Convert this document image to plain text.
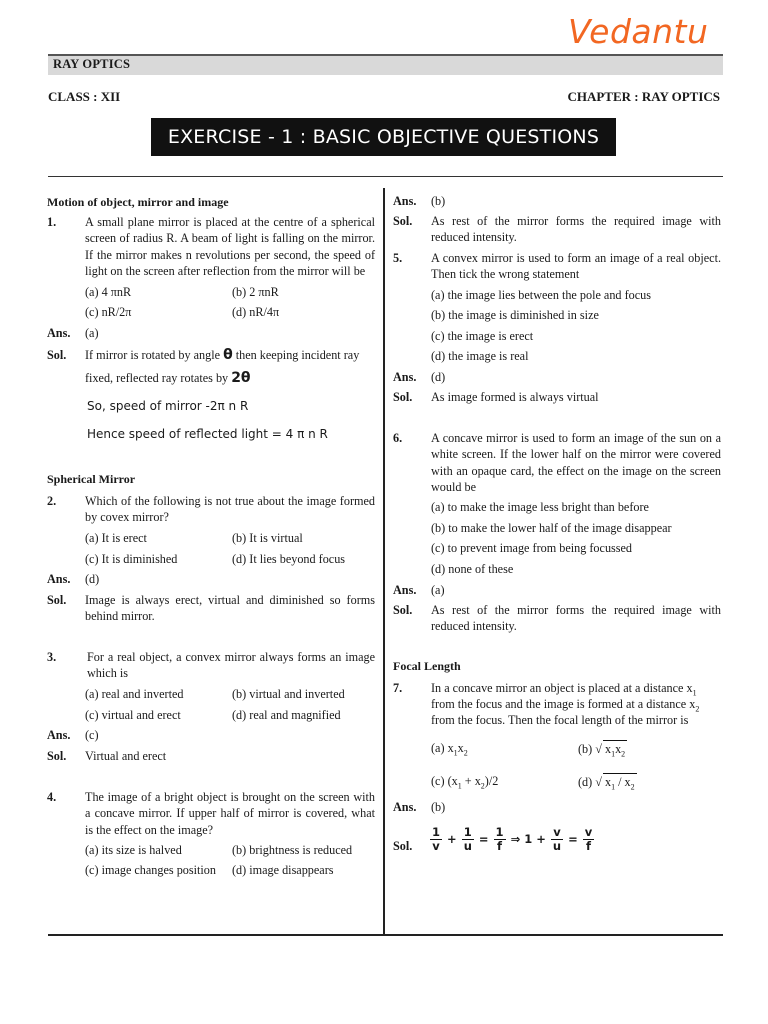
Vedantu
RAY OPTICS
CLASS : XII	CHAPTER : RAY OPTICS
EXERCISE - 1 : BASIC OBJECTIVE QUESTIONS
Motion of object, mirror and image
1. A small plane mirror is placed at the centre of a spherical screen of radius R. A beam of light is falling on the mirror. If the mirror makes n revolutions per second, the speed of light on the screen after reflection from the mirror will be
(a) 4 πnR	(b) 2 πnR
(c) nR/2π	(d) nR/4π
Ans. (a)
Sol. If mirror is rotated by angle θ then keeping incident ray
fixed, reflected ray rotates by 2θ
So, speed of mirror -2π n R
Hence speed of reflected light = 4 π n R
Spherical Mirror
2. Which of the following is not true about the image formed by covex mirror?
(a) It is erect	(b) It is virtual
(c) It is diminished	(d) It lies beyond focus
Ans. (d)
Sol. Image is always erect, virtual and diminished so forms behind mirror.
3.	For a real object, a convex mirror always forms an image which is
(a) real and inverted	(b) virtual and inverted
(c) virtual and erect	(d) real and magnified
Ans. (c)
Sol. Virtual and erect
4. The image of a bright object is brought on the screen with a concave mirror. If upper half of mirror is covered, what is the effect on the image?
(a) its size is halved	(b) brightness is reduced
(c) image changes position (d) image disappears
Ans. (b)
Sol. As rest of the mirror forms the required image with reduced intensity.
5. A convex mirror is used to form an image of a real object. Then tick the wrong statement
(a) the image lies between the pole and focus
(b) the image is diminished in size
(c) the image is erect
(d) the image is real
Ans. (d)
Sol. As image formed is always virtual
6. A concave mirror is used to form an image of the sun on a white screen. If the lower half on the mirror were covered with an opaque card, the effect on the image on the screen would be
(a) to make the image less bright than before
(b) to make the lower half of the image disappear
(c) to prevent image from being focussed
(d) none of these
Ans. (a)
Sol. As rest of the mirror forms the required image with reduced intensity.
Focal Length
7. In a concave mirror an object is placed at a distance $x_1$
from the focus and the image is formed at a distance $x_2$
from the focus. Then the focal length of the mirror is
(a) $x_1x_2$	(b) √ $x_1x_2$
(c) $(x_1 + x_2)/2$	(d) √ $x_1 / x_2$
Ans. (b)
Sol. $\frac{1}{v} + \frac{1}{u} = \frac{1}{f}$ ⇒ $1 + \frac{v}{u} = \frac{v}{f}$
